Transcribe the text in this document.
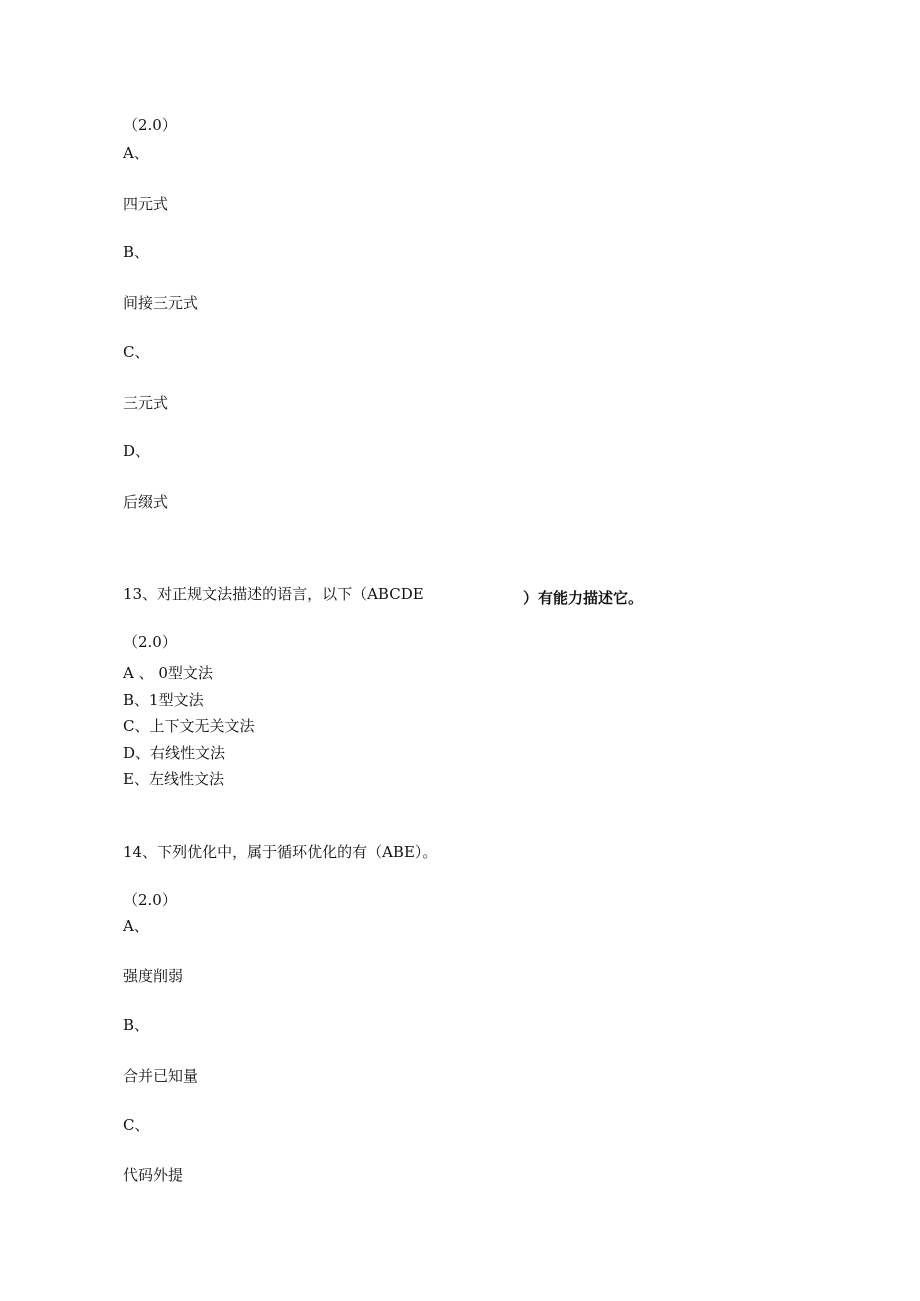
（2.0）
A、
四元式
B、
间接三元式
C、
三元式
D、
后缀式
13、对正规文法描述的语言，以下（ABCDE	）有能力描述它。
（2.0）
A 、 0型文法
B、1型文法
C、上下文无关文法
D、右线性文法
E、左线性文法
14、下列优化中，属于循环优化的有（ABE）。
（2.0）
A、
强度削弱
B、
合并已知量
C、
代码外提
